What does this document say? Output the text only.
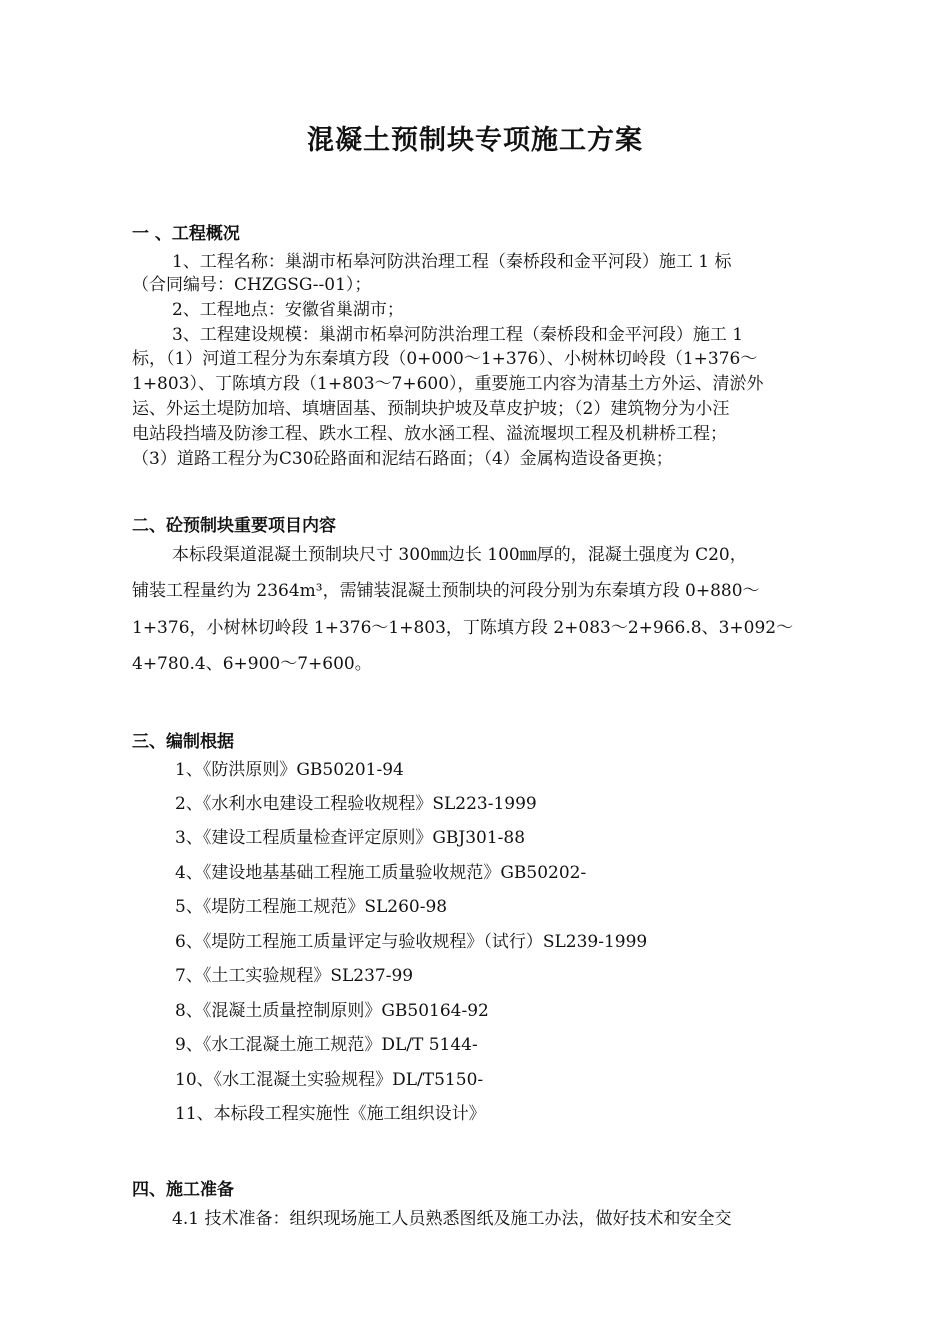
混凝土预制块专项施工方案
一 、工程概况
1、工程名称：巢湖市柘皋河防洪治理工程（秦桥段和金平河段）施工 1 标
（合同编号：CHZGSG--01）；
2、工程地点：安徽省巢湖市；
3、工程建设规模：巢湖市柘皋河防洪治理工程（秦桥段和金平河段）施工 1
标，（1）河道工程分为东秦填方段（0+000～1+376）、小树林切岭段（1+376～
1+803）、丁陈填方段（1+803～7+600），重要施工内容为清基土方外运、清淤外
运、外运土堤防加培、填塘固基、预制块护坡及草皮护坡；（2）建筑物分为小汪
电站段挡墙及防渗工程、跌水工程、放水涵工程、溢流堰坝工程及机耕桥工程；
（3）道路工程分为C30砼路面和泥结石路面；（4）金属构造设备更换；
二、砼预制块重要项目内容
本标段渠道混凝土预制块尺寸 300㎜边长 100㎜厚的，混凝土强度为 C20，
铺装工程量约为 2364m³，需铺装混凝土预制块的河段分别为东秦填方段 0+880～
1+376，小树林切岭段 1+376～1+803，丁陈填方段 2+083～2+966.8、3+092～
4+780.4、6+900～7+600。
三、编制根据
1、《防洪原则》GB50201-94
2、《水利水电建设工程验收规程》SL223-1999
3、《建设工程质量检查评定原则》GBJ301-88
4、《建设地基基础工程施工质量验收规范》GB50202-
5、《堤防工程施工规范》SL260-98
6、《堤防工程施工质量评定与验收规程》（试行）SL239-1999
7、《土工实验规程》SL237-99
8、《混凝土质量控制原则》GB50164-92
9、《水工混凝土施工规范》DL/T 5144-
10、《水工混凝土实验规程》DL/T5150-
11、本标段工程实施性《施工组织设计》
四、施工准备
4.1 技术准备：组织现场施工人员熟悉图纸及施工办法，做好技术和安全交
